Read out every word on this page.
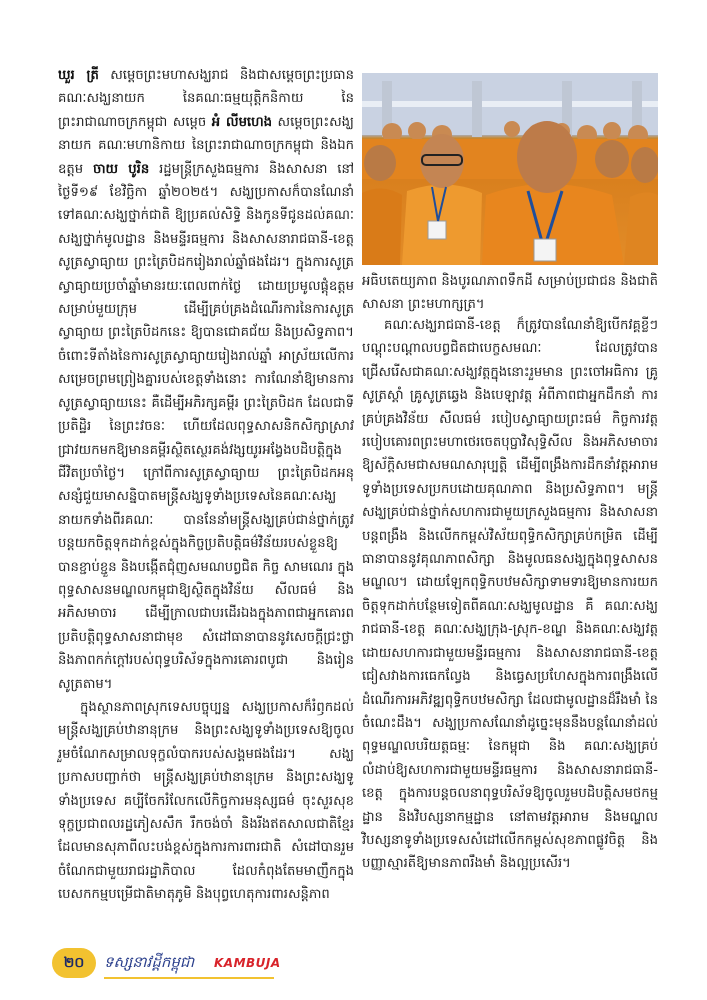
ឃួរ ត្រី សម្ដេចព្រះមហាសង្ឃរាជ និងជាសម្ដេចព្រះប្រធាន គណៈសង្ឃនាយក នៃគណៈធម្មយុត្តិកនិកាយ នៃព្រះរាជាណាចក្រកម្ពុជា សម្ដេច អំ លីមហេង សម្ដេចព្រះសង្ឃនាយក គណៈមហានិកាយ នៃព្រះរាជាណាចក្រកម្ពុជា និងឯកឧត្តម ចាយ បូរិន រដ្ឋមន្ត្រីក្រសួងធម្មការ និងសាសនា នៅថ្ងៃទី១៩ ខែវិច្ឆិកា ឆ្នាំ២០២៥។ សង្ឃប្រកាសក៏បានណែនាំទៅគណៈសង្ឃថ្នាក់ជាតិ ឱ្យប្រគល់សិទ្ធិ និងកូនទីជូនដល់គណៈសង្ឃថ្នាក់មូលដ្ឋាន និងមន្ទីរធម្មការ និងសាសនារាជធានី-ខេត្ត សូត្រស្វាធ្យាយ ព្រះត្រៃបិដករៀងរាល់ឆ្នាំផងដែរ។ ក្នុងការសូត្រស្វាធ្យាយប្រចាំឆ្នាំមានរយៈពេលពាក់ថ្ងៃ ដោយប្រមូលផ្ដុំឧត្ដមសម្រាប់មួយក្រុម ដើម្បីគ្រប់គ្រងដំណើរការនៃការសូត្រស្វាធ្យាយ ព្រះត្រៃបិដកនេះ ឱ្យបានជោគជ័យ និងប្រសិទ្ធភាព។ ចំពោះទីតាំងនៃការសូត្រស្វាធ្យាយរៀងរាល់ឆ្នាំ អាស្រ័យលើការសម្រេចព្រមព្រៀងគ្នារបស់ខេត្តទាំងនោះ ការណែនាំឱ្យមានការសូត្រស្វាធ្យាយនេះ គឺដើម្បីអភិរក្សគម្ពីរ ព្រះត្រៃបិដក ដែលជាទីប្រតិដ្ឋិរ នៃព្រះវចនៈ ហើយដែលពុទ្ធសាសនិកសិក្សាស្រាវជ្រាវយកមកឱ្យមានគម្ពីរស្ថិតស្ថេរគង់វង្សយូរអង្វែងបដិបត្តិក្នុងជីវិតប្រចាំថ្ងៃ។ ក្រៅពីការសូត្រស្វាធ្យាយ ព្រះត្រៃបិដកអនុសន្សំជួយមាសន្និបាតមន្ត្រីសង្ឃទូទាំងប្រទេសនៃគណៈសង្ឃនាយកទាំងពីរគណៈ បាននែនាំមន្ត្រីសង្ឃគ្រប់ជាន់ថ្នាក់ត្រូវបន្តយកចិត្តទុកដាក់ខ្ពស់ក្នុងកិច្ចប្រតិបត្តិធម៌វិន័យរបស់ខ្លួនឱ្យបានខ្ជាប់ខ្ជួន និងបង្កើតជុំញសមណបព្វជិត កិច្ច សាមណេរ ក្នុងពុទ្ធសាសនមណ្ឌលកម្ពុជាឱ្យស្ថិតក្នុងវិន័យ សីលធម៌ និងអភិសមាចារ ដើម្បីក្រាលជាបរដើរឯងក្នុងភាពជាអ្នកគោរពប្រតិបត្តិពុទ្ធសាសនាជាមុខ សំដៅធានាបាននូវសេចក្តីជ្រះថ្លា និងភាពកក់ក្តៅរបស់ពុទ្ធបរិស័ទក្នុងការគោរពបូជា និងរៀនសូត្រតាម។

ក្នុងស្ថានភាពស្រុកទេសបច្ចុប្បន្ន សង្ឃប្រកាសក៏រំឭកដល់មន្ត្រីសង្ឃគ្រប់ឋានានុក្រម និងព្រះសង្ឃទូទាំងប្រទេសឱ្យចូលរួមចំណែកសម្រាលទុក្ខលំបាករបស់សង្គមផងដែរ។ សង្ឃប្រកាសបញ្ជាក់ថា មន្ត្រីសង្ឃគ្រប់ឋានានុក្រម និងព្រះសង្ឃទូទាំងប្រទេស គប្បីចែករំលែកលើកិច្ចការមនុស្សធម៌ ចុះសួរសុខទុក្ខប្រជាពលរដ្ឋភៀសសឹក រឹកចង់ចាំ និងរីងឥតសាលជាតិខ្មែរ ដែលមានសុភាពីលះបង់ខ្ពស់ក្នុងការការពារជាតិ សំដៅបានរួមចំណែកជាមួយរាជរដ្ឋាភិបាល ដែលកំពុងតែមមាញឹកក្នុងបេសកកម្មបម្រើជាតិមាតុភូមិ និងបុព្វហេតុការពារសន្តិភាព

អធិបតេយ្យភាព និងបូរណភាពទឹកដី សម្រាប់ប្រជាជន និងជាតិ សាសនា ព្រះមហាក្សត្រ។

គណៈសង្ឃរាជធានី-ខេត្ត ក៏ត្រូវបានណែនាំឱ្យបើកវគ្គខ្លីៗបណ្ដុះបណ្ដាលបព្វជិតជាបេក្ខសមណៈ ដែលត្រូវបានជ្រើសរើសជាគណៈសង្ឃវត្តក្នុងនោះរួមមាន ព្រះចៅអធិការ គ្រូសូត្រស្ដាំ គ្រូសូត្រឆ្វេង និងបេឡាវត្ត អំពីភាពជាអ្នកដឹកនាំ ការគ្រប់គ្រងវិន័យ សីលធម៌ របៀបស្វាធ្យាយព្រះធម៌ កិច្ចការវត្ត របៀបគោរពព្រះមហាថេរចេតបុប្ផាវិសុទ្ធិសីល និងអភិសមាចារ ឱ្យស័ក្តិសមជាសមណសារុប្បត្តិ ដើម្បីពង្រឹងការដឹកនាំវត្តអារាមទូទាំងប្រទេសប្រកបដោយគុណភាព និងប្រសិទ្ធភាព។ មន្ត្រីសង្ឃគ្រប់ជាន់ថ្នាក់សហការជាមួយក្រសួងធម្មការ និងសាសនា បន្តពង្រឹង និងលើកកម្ពស់វិស័យពុទ្ធិកសិក្សាគ្រប់កម្រិត ដើម្បីធានាបាននូវគុណភាពសិក្សា និងមូលធនសង្ឃក្នុងពុទ្ធសាសនមណ្ឌល។ ដោយឡែកពុទ្ធិកបឋមសិក្សាទាមទារឱ្យមានការយកចិត្តទុកដាក់បន្ថែមទៀតពីគណៈសង្ឃមូលដ្ឋាន គឺ គណៈសង្ឃរាជធានី-ខេត្ត គណៈសង្ឃក្រុង-ស្រុក-ខណ្ឌ និងគណៈសង្ឃវត្ត ដោយសហការជាមួយមន្ទីរធម្មការ និងសាសនារាជធានី-ខេត្ត ជៀសវាងការធេកល្វែង និងធ្វេសប្រហែសក្នុងការពង្រឹងលើដំណើរការអភិវឌ្ឍពុទ្ធិកបឋមសិក្សា ដែលជាមូលដ្ឋានដ៏រឹងមាំ នៃចំណេះដឹង។ សង្ឃប្រកាសណែនាំដូច្នេះមុននឹងបន្តណែនាំដល់ពុទ្ធមណ្ឌលបរិយត្តធម្មៈ នៃកម្ពុជា និង គណៈសង្ឃគ្រប់លំដាប់ឱ្យសហការជាមួយមន្ទីរធម្មការ និងសាសនារាជធានី-ខេត្ត ក្នុងការបន្តចលនាពុទ្ធបរិស័ទឱ្យចូលរួមបដិបត្តិសមថកម្មដ្ឋាន និងវិបស្សនាកម្មដ្ឋាន នៅតាមវត្តអារាម និងមណ្ឌលវិបស្សនាទូទាំងប្រទេសសំដៅលើកកម្ពស់សុខភាពផ្លូវចិត្ត និងបញ្ញាស្មារតីឱ្យមានភាពរឹងមាំ និងល្អប្រសើរ។

២០ ទស្សនាវដ្តីកម្ពុជា KAMBUJA
